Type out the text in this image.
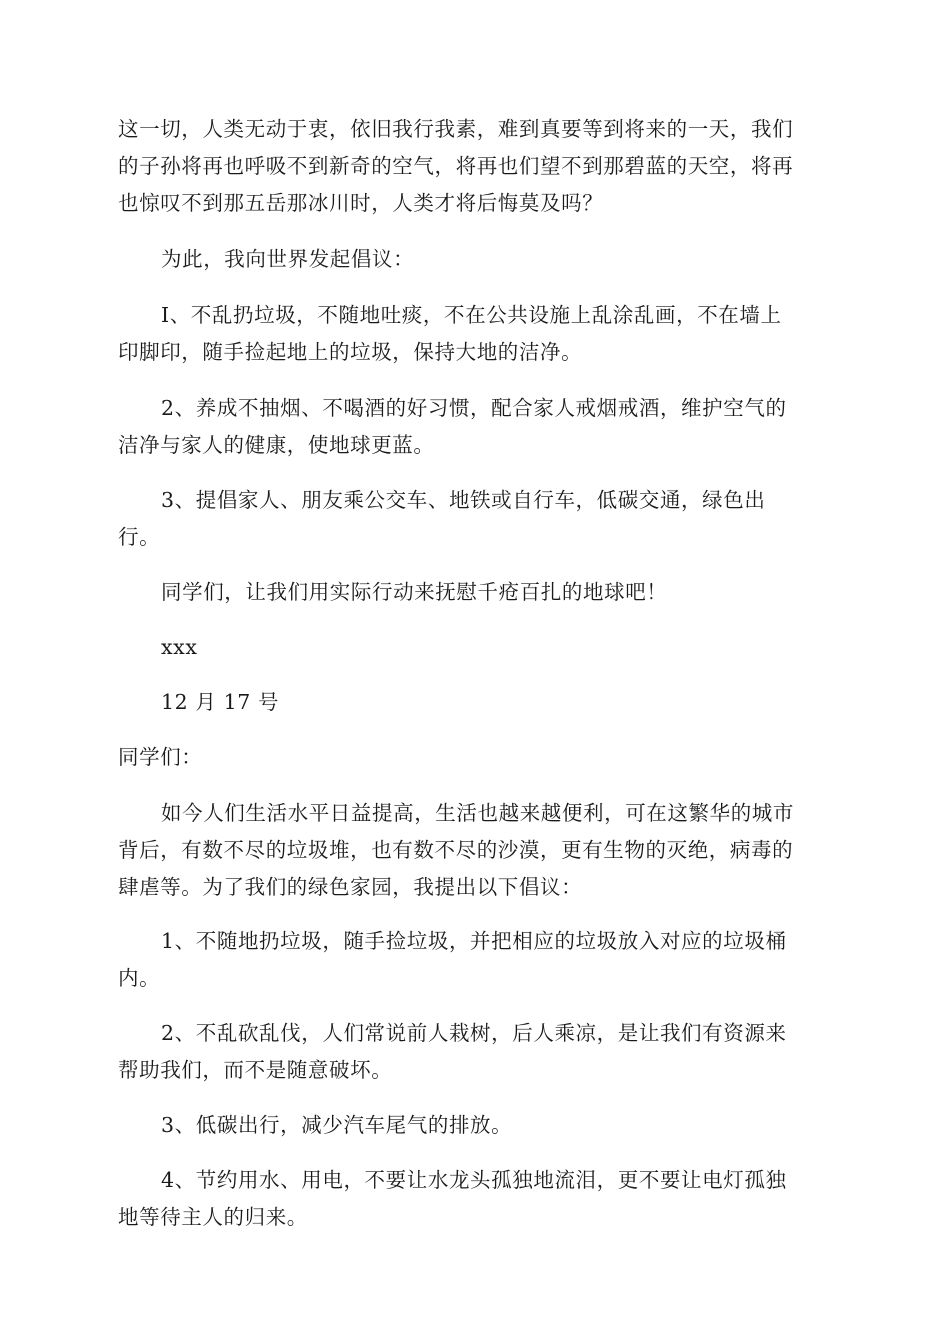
这一切，人类无动于衷，依旧我行我素，难到真要等到将来的一天，我们
的子孙将再也呼吸不到新奇的空气，将再也们望不到那碧蓝的天空，将再
也惊叹不到那五岳那冰川时，人类才将后悔莫及吗？

为此，我向世界发起倡议：

I、不乱扔垃圾，不随地吐痰，不在公共设施上乱涂乱画，不在墙上
印脚印，随手捡起地上的垃圾，保持大地的洁净。

2、养成不抽烟、不喝酒的好习惯，配合家人戒烟戒酒，维护空气的
洁净与家人的健康，使地球更蓝。

3、提倡家人、朋友乘公交车、地铁或自行车，低碳交通，绿色出
行。

同学们，让我们用实际行动来抚慰千疮百扎的地球吧！

xxx

12 月 17 号

同学们：

如今人们生活水平日益提高，生活也越来越便利，可在这繁华的城市
背后，有数不尽的垃圾堆，也有数不尽的沙漠，更有生物的灭绝，病毒的
肆虐等。为了我们的绿色家园，我提出以下倡议：

1、不随地扔垃圾，随手捡垃圾，并把相应的垃圾放入对应的垃圾桶
内。

2、不乱砍乱伐，人们常说前人栽树，后人乘凉，是让我们有资源来
帮助我们，而不是随意破坏。

3、低碳出行，减少汽车尾气的排放。

4、节约用水、用电，不要让水龙头孤独地流泪，更不要让电灯孤独
地等待主人的归来。
